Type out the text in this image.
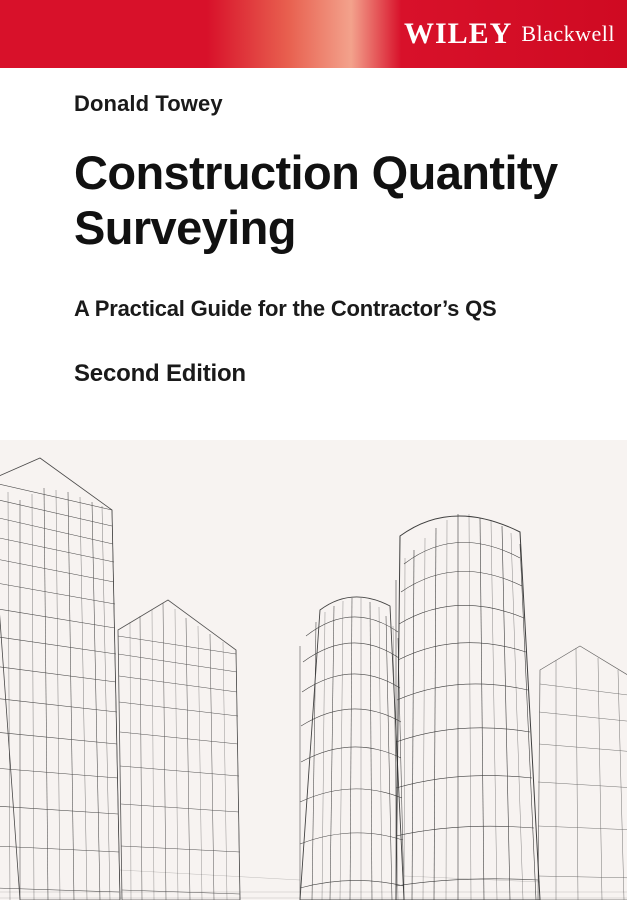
WILEY Blackwell
Donald Towey
Construction Quantity Surveying
A Practical Guide for the Contractor’s QS
Second Edition
